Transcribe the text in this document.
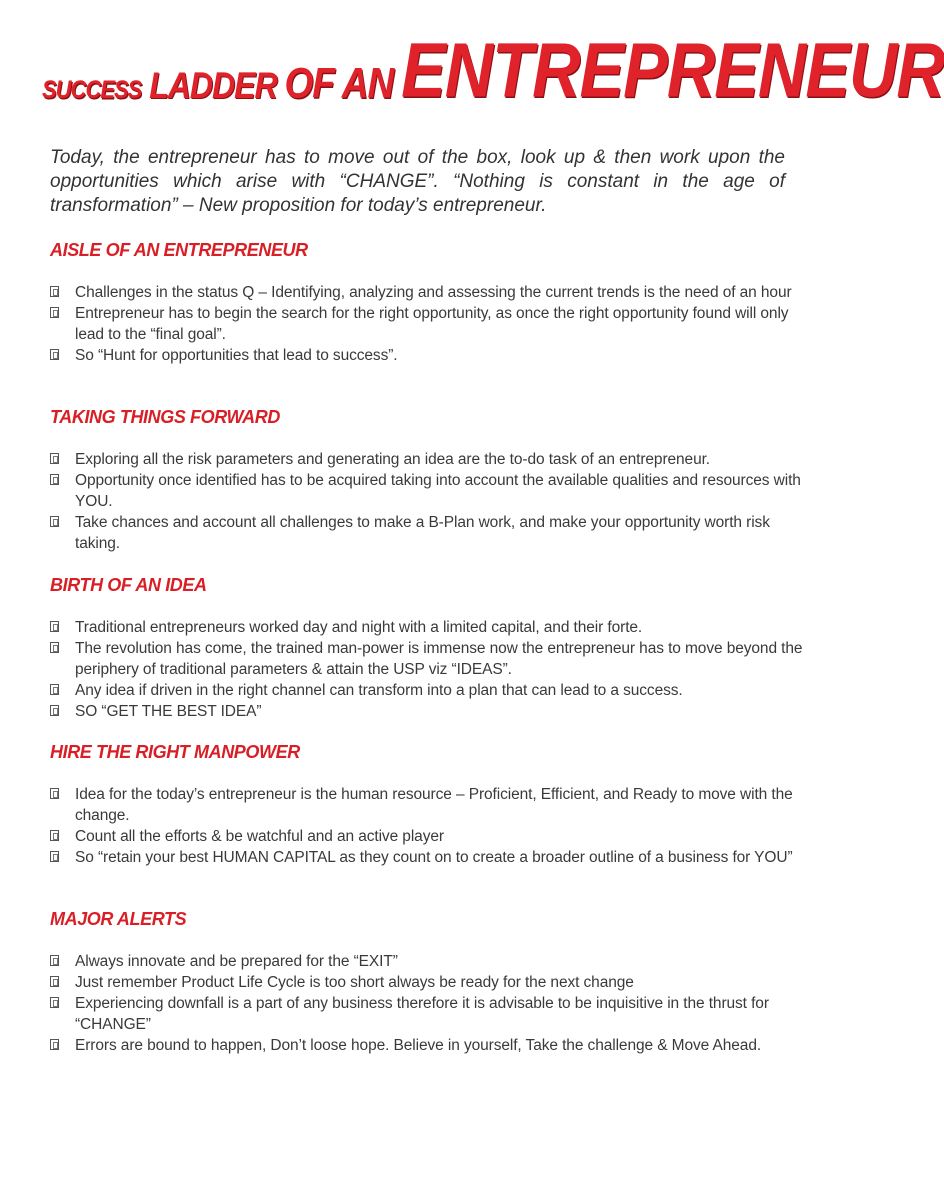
SUCCESS LADDER OF AN ENTREPRENEUR

Today, the entrepreneur has to move out of the box, look up & then work upon the opportunities which arise with “CHANGE”. “Nothing is constant in the age of transformation” – New proposition for today’s entrepreneur.

AISLE OF AN ENTREPRENEUR
Challenges in the status Q – Identifying, analyzing and assessing the current trends is the need of an hour
Entrepreneur has to begin the search for the right opportunity, as once the right opportunity found will only lead to the “final goal”.
So “Hunt for opportunities that lead to success”.
TAKING THINGS FORWARD
Exploring all the risk parameters and generating an idea are the to-do task of an entrepreneur.
Opportunity once identified has to be acquired taking into account the available qualities and resources with YOU.
Take chances and account all challenges to make a B-Plan work, and make your opportunity worth risk taking.
BIRTH OF AN IDEA
Traditional entrepreneurs worked day and night with a limited capital, and their forte.
The revolution has come, the trained man-power is immense now the entrepreneur has to move beyond the periphery of traditional parameters & attain the USP viz “IDEAS”.
Any idea if driven in the right channel can transform into a plan that can lead to a success.
SO “GET THE BEST IDEA”
HIRE THE RIGHT MANPOWER
Idea for the today’s entrepreneur is the human resource – Proficient, Efficient, and Ready to move with the change.
Count all the efforts & be watchful and an active player
So “retain your best HUMAN CAPITAL as they count on to create a broader outline of a business for YOU”
MAJOR ALERTS
Always innovate and be prepared for the “EXIT”
Just remember Product Life Cycle is too short always be ready for the next change
Experiencing downfall is a part of any business therefore it is advisable to be inquisitive in the thrust for “CHANGE”
Errors are bound to happen, Don’t loose hope. Believe in yourself, Take the challenge & Move Ahead.
